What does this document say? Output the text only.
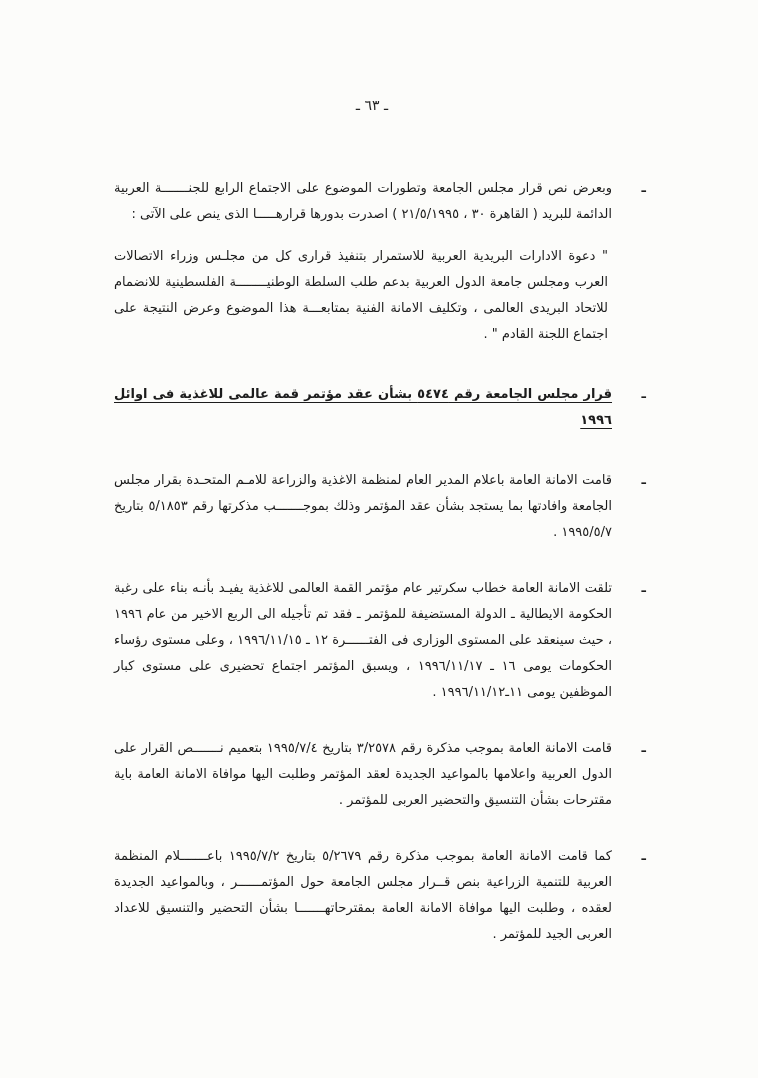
ـ ٦٣ ـ
ـ
وبعرض نص قرار مجلس الجامعة وتطورات الموضوع على الاجتماع الرابع للجنـــــــة العربية الدائمة للبريد ( القاهرة ٣٠ ، ٢١/٥/١٩٩٥ ) اصدرت بدورها قرارهـــــا الذى ينص على الآتى :
" دعوة الادارات البريدية العربية للاستمرار بتنفيذ قرارى كل من مجلـس وزراء الاتصالات العرب ومجلس جامعة الدول العربية بدعم طلب السلطة الوطنيــــــــة الفلسطينية للانضمام للاتحاد البريدى العالمى ، وتكليف الامانة الفنية بمتابعـــة هذا الموضوع وعرض النتيجة على اجتماع اللجنة القادم " .
ـ
قرار مجلس الجامعة رقم ٥٤٧٤ بشأن عقد مؤتمر قمة عالمى للاغذية فى اوائل ١٩٩٦
ـ
قامت الامانة العامة باعلام المدير العام لمنظمة الاغذية والزراعة للامـم المتحـدة بقرار مجلس الجامعة وافادتها بما يستجد بشأن عقد المؤتمر وذلك بموجـــــــب مذكرتها رقم ٥/١٨٥٣ بتاريخ ١٩٩٥/٥/٧ .
ـ
تلقت الامانة العامة خطاب سكرتير عام مؤتمر القمة العالمى للاغذية يفيـد بأنـه بناء على رغبة الحكومة الايطالية ـ الدولة المستضيفة للمؤتمر ـ فقد تم تأجيله الى الربع الاخير من عام ١٩٩٦ ، حيث سينعقد على المستوى الوزارى فى الفتــــــرة ١٢ ـ ١٩٩٦/١١/١٥ ، وعلى مستوى رؤساء الحكومات يومى ١٦ ـ ١٩٩٦/١١/١٧ ، ويسبق المؤتمر اجتماع تحضيرى على مستوى كبار الموظفين يومى ١١ـ١٩٩٦/١١/١٢ .
ـ
قامت الامانة العامة بموجب مذكرة رقم ٣/٢٥٧٨ بتاريخ ١٩٩٥/٧/٤ بتعميم نـــــــص القرار على الدول العربية واعلامها بالمواعيد الجديدة لعقد المؤتمر وطلبت اليها موافاة الامانة العامة باية مقترحات بشأن التنسيق والتحضير العربى للمؤتمر .
ـ
كما قامت الامانة العامة بموجب مذكرة رقم ٥/٢٦٧٩ بتاريخ ١٩٩٥/٧/٢ باعـــــــلام المنظمة العربية للتنمية الزراعية بنص قــرار مجلس الجامعة حول المؤتمــــــر ، وبالمواعيد الجديدة لعقده ، وطلبت اليها موافاة الامانة العامة بمقترحاتهـــــــا بشأن التحضير والتنسيق للاعداد العربى الجيد للمؤتمر .
